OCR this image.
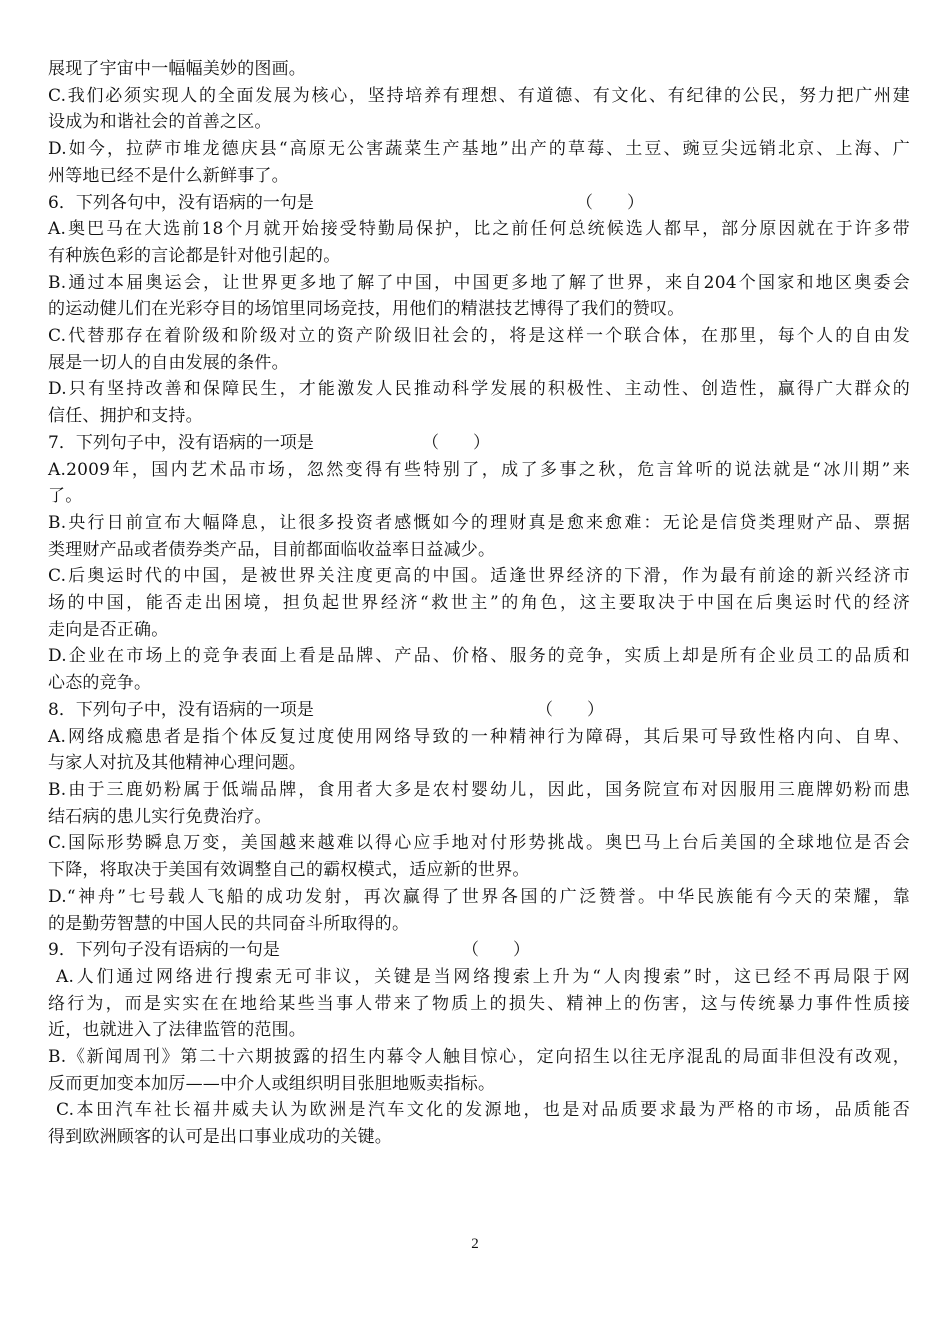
展现了宇宙中一幅幅美妙的图画。
C.我们必须实现人的全面发展为核心，坚持培养有理想、有道德、有文化、有纪律的公民，努力把广州建
设成为和谐社会的首善之区。
D.如今，拉萨市堆龙德庆县“高原无公害蔬菜生产基地”出产的草莓、土豆、豌豆尖远销北京、上海、广
州等地已经不是什么新鲜事了。
6．下列各句中，没有语病的一句是	（　　）
A.奥巴马在大选前18个月就开始接受特勤局保护，比之前任何总统候选人都早，部分原因就在于许多带
有种族色彩的言论都是针对他引起的。
B.通过本届奥运会，让世界更多地了解了中国，中国更多地了解了世界，来自204个国家和地区奥委会
的运动健儿们在光彩夺目的场馆里同场竞技，用他们的精湛技艺博得了我们的赞叹。
C.代替那存在着阶级和阶级对立的资产阶级旧社会的，将是这样一个联合体，在那里，每个人的自由发
展是一切人的自由发展的条件。
D.只有坚持改善和保障民生，才能激发人民推动科学发展的积极性、主动性、创造性，赢得广大群众的
信任、拥护和支持。
7．下列句子中，没有语病的一项是	（　　）
A.2009年，国内艺术品市场，忽然变得有些特别了，成了多事之秋，危言耸听的说法就是“冰川期”来
了。
B.央行日前宣布大幅降息，让很多投资者感慨如今的理财真是愈来愈难：无论是信贷类理财产品、票据
类理财产品或者债券类产品，目前都面临收益率日益减少。
C.后奥运时代的中国，是被世界关注度更高的中国。适逢世界经济的下滑，作为最有前途的新兴经济市
场的中国，能否走出困境，担负起世界经济“救世主”的角色，这主要取决于中国在后奥运时代的经济
走向是否正确。
D.企业在市场上的竞争表面上看是品牌、产品、价格、服务的竞争，实质上却是所有企业员工的品质和
心态的竞争。
8．下列句子中，没有语病的一项是	（　　）
A.网络成瘾患者是指个体反复过度使用网络导致的一种精神行为障碍，其后果可导致性格内向、自卑、
与家人对抗及其他精神心理问题。
B.由于三鹿奶粉属于低端品牌，食用者大多是农村婴幼儿，因此，国务院宣布对因服用三鹿牌奶粉而患
结石病的患儿实行免费治疗。
C.国际形势瞬息万变，美国越来越难以得心应手地对付形势挑战。奥巴马上台后美国的全球地位是否会
下降，将取决于美国有效调整自己的霸权模式，适应新的世界。
D.“神舟”七号载人飞船的成功发射，再次赢得了世界各国的广泛赞誉。中华民族能有今天的荣耀，靠
的是勤劳智慧的中国人民的共同奋斗所取得的。
9．下列句子没有语病的一句是	（　　）
A.人们通过网络进行搜索无可非议，关键是当网络搜索上升为“人肉搜索”时，这已经不再局限于网
络行为，而是实实在在地给某些当事人带来了物质上的损失、精神上的伤害，这与传统暴力事件性质接
近，也就进入了法律监管的范围。
B.《新闻周刊》第二十六期披露的招生内幕令人触目惊心，定向招生以往无序混乱的局面非但没有改观，
反而更加变本加厉——中介人或组织明目张胆地贩卖指标。
C.本田汽车社长福井威夫认为欧洲是汽车文化的发源地，也是对品质要求最为严格的市场，品质能否
得到欧洲顾客的认可是出口事业成功的关键。
2
